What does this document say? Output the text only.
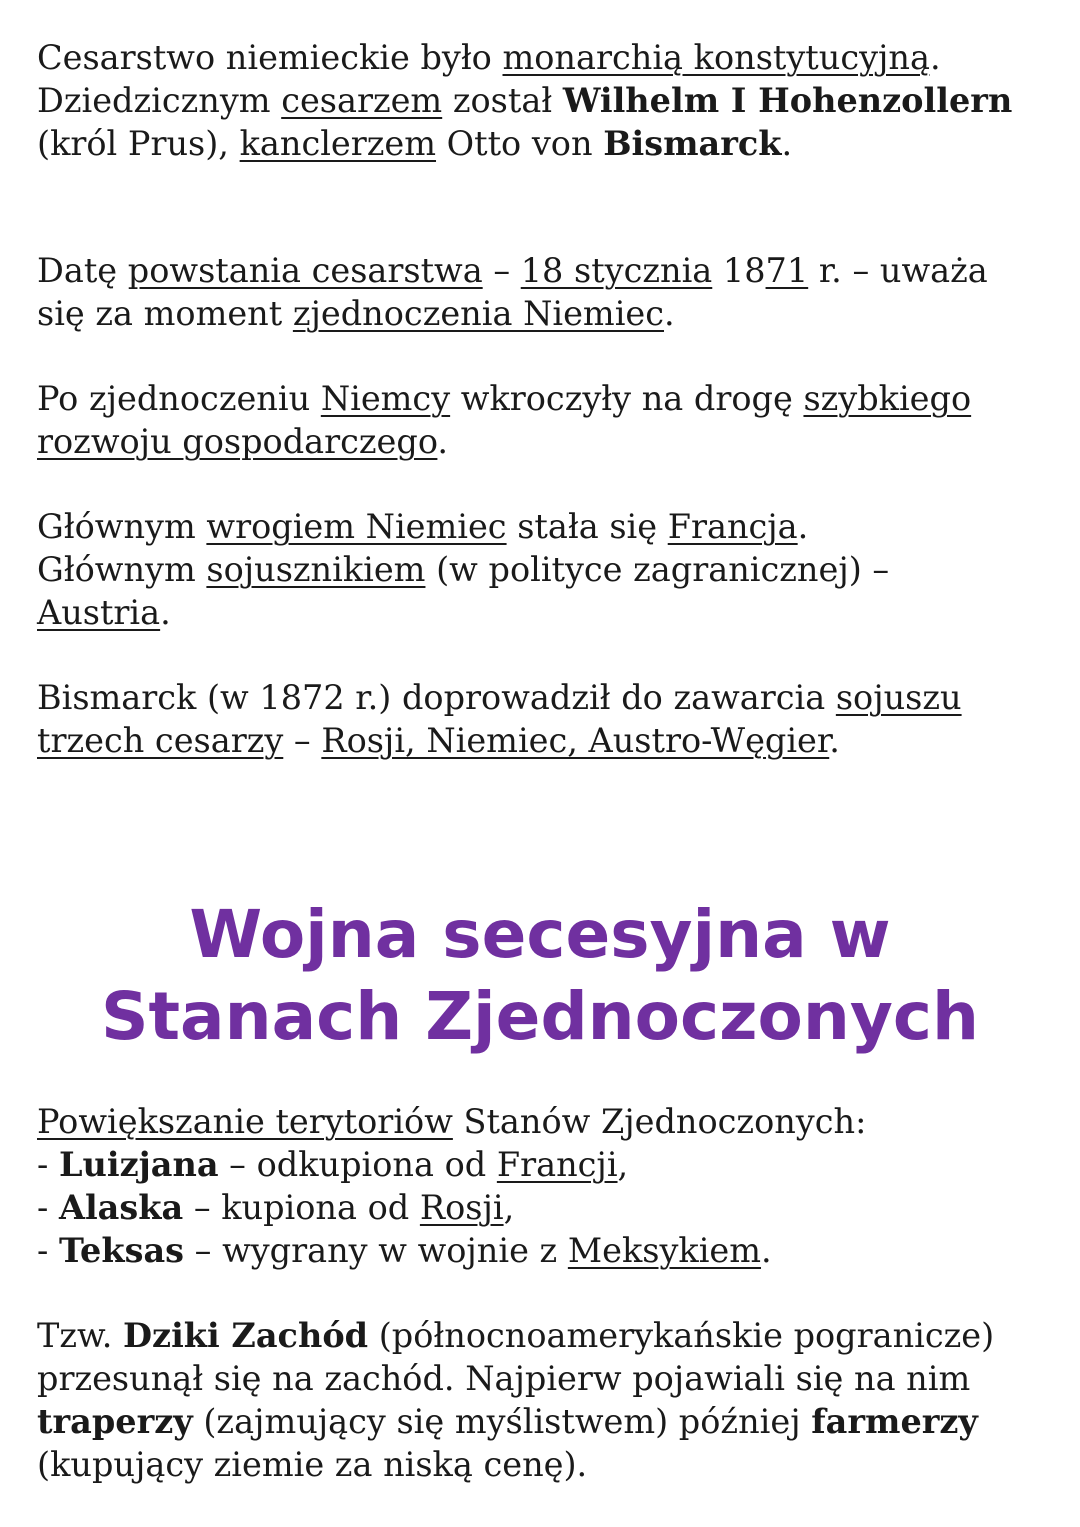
Cesarstwo niemieckie było monarchią konstytucyjną.
Dziedzicznym cesarzem został Wilhelm I Hohenzollern
(król Prus), kanclerzem Otto von Bismarck.

Datę powstania cesarstwa – 18 stycznia 1871 r. – uważa
się za moment zjednoczenia Niemiec.

Po zjednoczeniu Niemcy wkroczyły na drogę szybkiego
rozwoju gospodarczego.

Głównym wrogiem Niemiec stała się Francja.
Głównym sojusznikiem (w polityce zagranicznej) –
Austria.

Bismarck (w 1872 r.) doprowadził do zawarcia sojuszu
trzech cesarzy – Rosji, Niemiec, Austro-Węgier.

Wojna secesyjna w
Stanach Zjednoczonych

Powiększanie terytoriów Stanów Zjednoczonych:
- Luizjana – odkupiona od Francji,
- Alaska – kupiona od Rosji,
- Teksas – wygrany w wojnie z Meksykiem.

Tzw. Dziki Zachód (północnoamerykańskie pogranicze)
przesunął się na zachód. Najpierw pojawiali się na nim
traperzy (zajmujący się myślistwem) później farmerzy
(kupujący ziemie za niską cenę).
